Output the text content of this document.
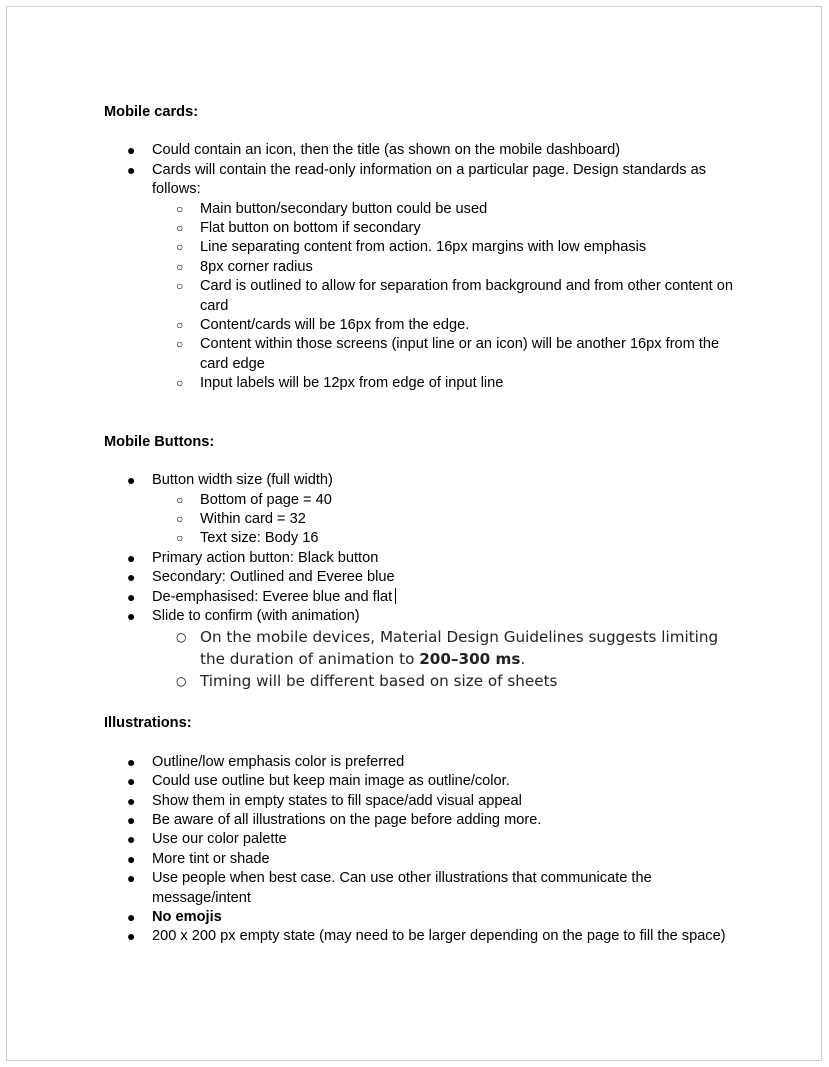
Mobile cards:
● Could contain an icon, then the title (as shown on the mobile dashboard)
● Cards will contain the read-only information on a particular page. Design standards as follows:
○ Main button/secondary button could be used
○ Flat button on bottom if secondary
○ Line separating content from action. 16px margins with low emphasis
○ 8px corner radius
○ Card is outlined to allow for separation from background and from other content on card
○ Content/cards will be 16px from the edge.
○ Content within those screens (input line or an icon) will be another 16px from the card edge
○ Input labels will be 12px from edge of input line
Mobile Buttons:
● Button width size (full width)
○ Bottom of page = 40
○ Within card = 32
○ Text size: Body 16
● Primary action button: Black button
● Secondary: Outlined and Everee blue
● De-emphasised: Everee blue and flat
● Slide to confirm (with animation)
○ On the mobile devices, Material Design Guidelines suggests limiting the duration of animation to 200–300 ms.
○ Timing will be different based on size of sheets
Illustrations:
● Outline/low emphasis color is preferred
● Could use outline but keep main image as outline/color.
● Show them in empty states to fill space/add visual appeal
● Be aware of all illustrations on the page before adding more.
● Use our color palette
● More tint or shade
● Use people when best case. Can use other illustrations that communicate the message/intent
● No emojis
● 200 x 200 px empty state (may need to be larger depending on the page to fill the space)
